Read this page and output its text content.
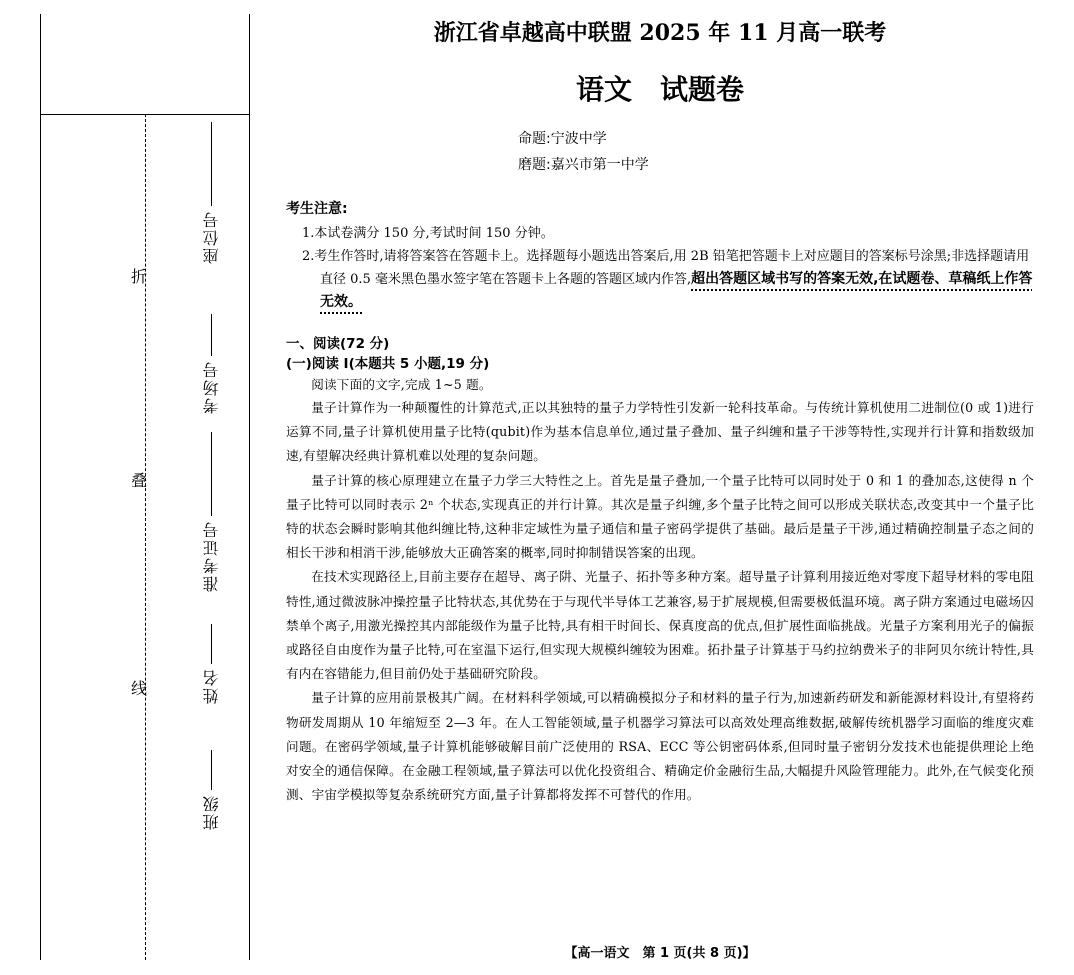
折
叠
线
座位号
考场号
准考证号
姓名
班级
浙江省卓越高中联盟 2025 年 11 月高一联考
语文 试题卷
命题:宁波中学
磨题:嘉兴市第一中学
考生注意:
1.本试卷满分 150 分,考试时间 150 分钟。
2.考生作答时,请将答案答在答题卡上。选择题每小题选出答案后,用 2B 铅笔把答题卡上对应题目的答案标号涂黑;非选择题请用直径 0.5 毫米黑色墨水签字笔在答题卡上各题的答题区域内作答,超出答题区域书写的答案无效,在试题卷、草稿纸上作答无效。
一、阅读(72 分)
(一)阅读 I(本题共 5 小题,19 分)

阅读下面的文字,完成 1~5 题。

量子计算作为一种颠覆性的计算范式,正以其独特的量子力学特性引发新一轮科技革命。与传统计算机使用二进制位(0 或 1)进行运算不同,量子计算机使用量子比特(qubit)作为基本信息单位,通过量子叠加、量子纠缠和量子干涉等特性,实现并行计算和指数级加速,有望解决经典计算机难以处理的复杂问题。

量子计算的核心原理建立在量子力学三大特性之上。首先是量子叠加,一个量子比特可以同时处于 0 和 1 的叠加态,这使得 n 个量子比特可以同时表示 2ⁿ 个状态,实现真正的并行计算。其次是量子纠缠,多个量子比特之间可以形成关联状态,改变其中一个量子比特的状态会瞬时影响其他纠缠比特,这种非定域性为量子通信和量子密码学提供了基础。最后是量子干涉,通过精确控制量子态之间的相长干涉和相消干涉,能够放大正确答案的概率,同时抑制错误答案的出现。

在技术实现路径上,目前主要存在超导、离子阱、光量子、拓扑等多种方案。超导量子计算利用接近绝对零度下超导材料的零电阻特性,通过微波脉冲操控量子比特状态,其优势在于与现代半导体工艺兼容,易于扩展规模,但需要极低温环境。离子阱方案通过电磁场囚禁单个离子,用激光操控其内部能级作为量子比特,具有相干时间长、保真度高的优点,但扩展性面临挑战。光量子方案利用光子的偏振或路径自由度作为量子比特,可在室温下运行,但实现大规模纠缠较为困难。拓扑量子计算基于马约拉纳费米子的非阿贝尔统计特性,具有内在容错能力,但目前仍处于基础研究阶段。

量子计算的应用前景极其广阔。在材料科学领域,可以精确模拟分子和材料的量子行为,加速新药研发和新能源材料设计,有望将药物研发周期从 10 年缩短至 2—3 年。在人工智能领域,量子机器学习算法可以高效处理高维数据,破解传统机器学习面临的维度灾难问题。在密码学领域,量子计算机能够破解目前广泛使用的 RSA、ECC 等公钥密码体系,但同时量子密钥分发技术也能提供理论上绝对安全的通信保障。在金融工程领域,量子算法可以优化投资组合、精确定价金融衍生品,大幅提升风险管理能力。此外,在气候变化预测、宇宙学模拟等复杂系统研究方面,量子计算都将发挥不可替代的作用。

【高一语文　第 1 页(共 8 页)】
